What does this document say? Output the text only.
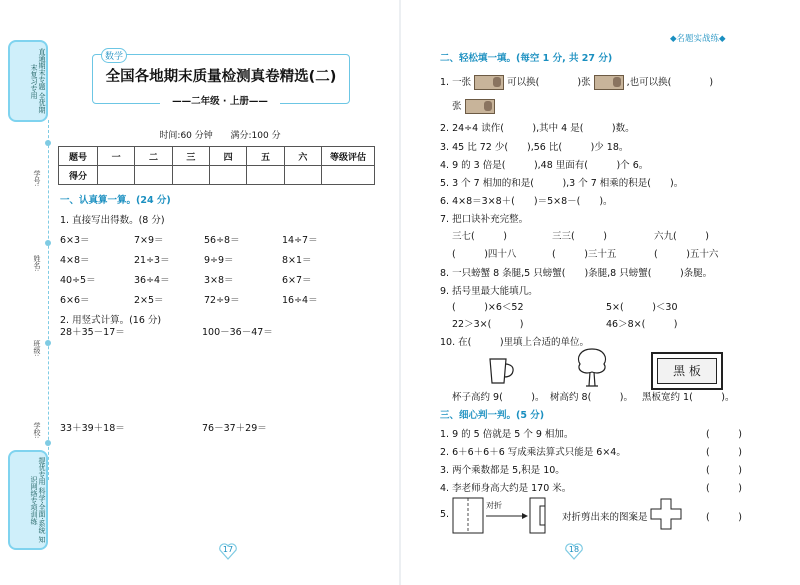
直通期末专题 全优期末复习专用
学号:
姓名:
班级:
学校:
提优专用 科学·全面·系统 知识网络专项训练
全国各地期末质量检测真卷精选(二)
数学
——二年级 · 上册——
时间:60 分钟 满分:100 分
题号	一	二	三	四	五	六	等级评估
得分							
一、认真算一算。(24 分)
1. 直接写出得数。(8 分)
6×3＝	7×9＝	56÷8＝	14÷7＝
4×8＝	21÷3＝	9÷9＝	8×1＝
40÷5＝	36÷4＝	3×8＝	6×7＝
6×6＝	2×5＝	72÷9＝	16÷4＝
2. 用竖式计算。(16 分)
28＋35－17＝	100－36－47＝
33＋39＋18＝	76－37＋29＝
17
◆名题实战练◆
二、轻松填一填。(每空 1 分, 共 27 分)
1. 一张	可以换(	)张	,也可以换(	)
张
2. 24÷4 读作(　　　),其中 4 是(　　　)数。
3. 45 比 72 少(　　),56 比(　　　)少 18。
4. 9 的 3 倍是(　　　),48 里面有(　　　)个 6。
5. 3 个 7 相加的和是(　　　),3 个 7 相乘的积是(　　)。
6. 4×8＝3×8＋(　　)＝5×8－(　　)。
7. 把口诀补充完整。
三七(　　　)	三三(　　　)	六九(　　　)
(　　　)四十八	(　　　)三十五	(　　　)五十六
8. 一只螃蟹 8 条腿,5 只螃蟹(　　)条腿,8 只螃蟹(　　　)条腿。
9. 括号里最大能填几。
(　　　)×6＜52	5×(　　　)＜30
22＞3×(　　　)	46＞8×(　　　)
10. 在(　　　)里填上合适的单位。
黑 板
杯子高约 9(　　　)。 树高约 8(　　　)。 黑板宽约 1(　　　)。
三、细心判一判。(5 分)
1. 9 的 5 倍就是 5 个 9 相加。	(　　　)
2. 6＋6＋6＋6 写成乘法算式只能是 6×4。	(　　　)
3. 两个乘数都是 5,积是 10。	(　　　)
4. 李老师身高大约是 170 米。	(　　　)
5.
对折
对折剪出来的图案是	(　　　)
18
